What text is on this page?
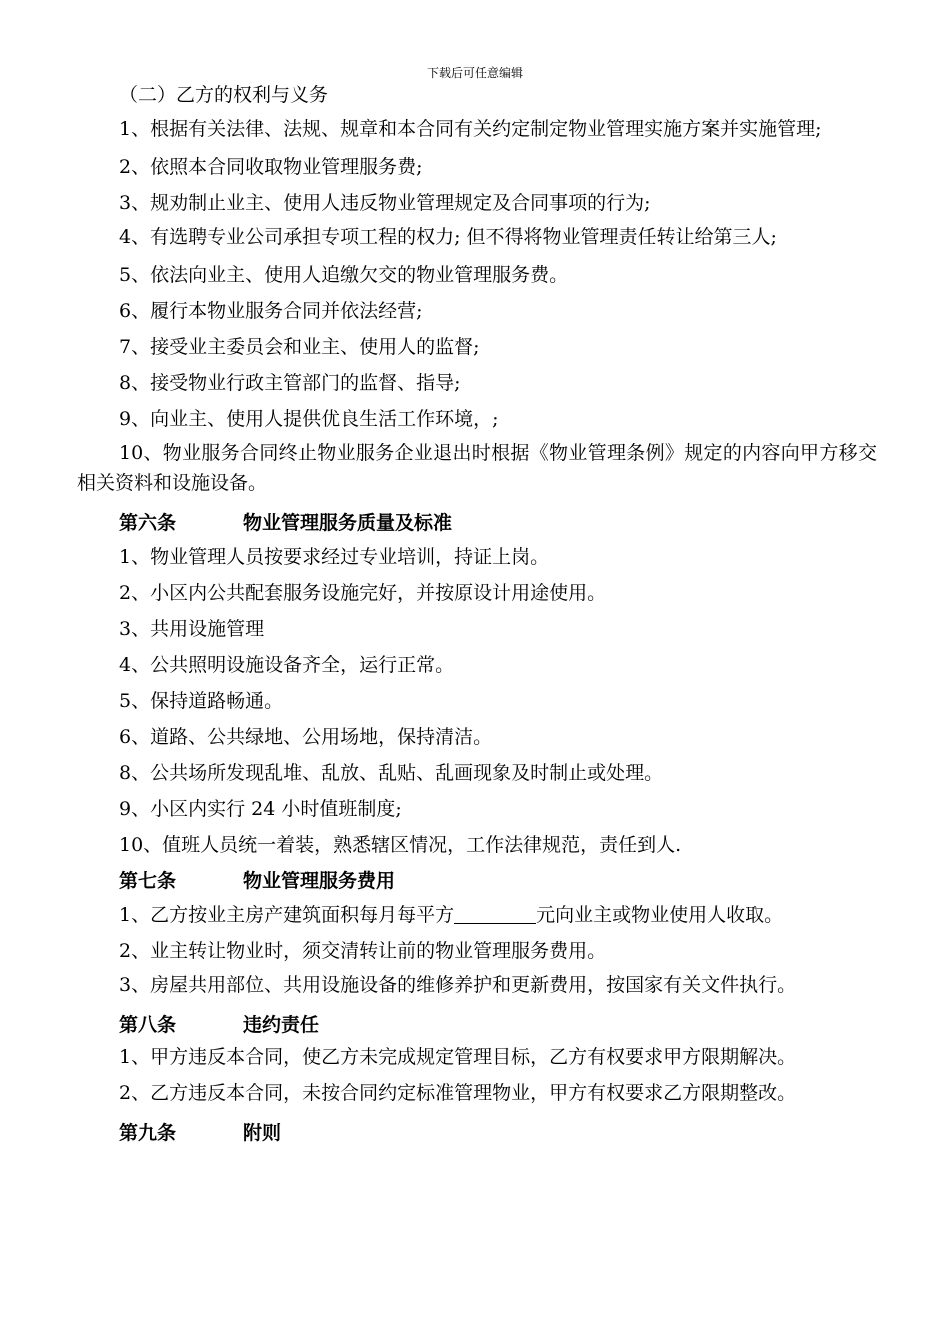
下载后可任意编辑

（二）乙方的权利与义务

1、根据有关法律、法规、规章和本合同有关约定制定物业管理实施方案并实施管理;

2、依照本合同收取物业管理服务费;

3、规劝制止业主、使用人违反物业管理规定及合同事项的行为;

4、有选聘专业公司承担专项工程的权力; 但不得将物业管理责任转让给第三人;

5、依法向业主、使用人追缴欠交的物业管理服务费。

6、履行本物业服务合同并依法经营;

7、接受业主委员会和业主、使用人的监督;

8、接受物业行政主管部门的监督、指导;

9、向业主、使用人提供优良生活工作环境，;

10、物业服务合同终止物业服务企业退出时根据《物业管理条例》规定的内容向甲方移交相关资料和设施设备。

第六条	物业管理服务质量及标准

1、物业管理人员按要求经过专业培训，持证上岗。

2、小区内公共配套服务设施完好，并按原设计用途使用。

3、共用设施管理

4、公共照明设施设备齐全，运行正常。

5、保持道路畅通。

6、道路、公共绿地、公用场地，保持清洁。

8、公共场所发现乱堆、乱放、乱贴、乱画现象及时制止或处理。

9、小区内实行 24 小时值班制度;

10、值班人员统一着装，熟悉辖区情况，工作法律规范，责任到人.

第七条	物业管理服务费用

1、乙方按业主房产建筑面积每月每平方	元向业主或物业使用人收取。

2、业主转让物业时，须交清转让前的物业管理服务费用。

3、房屋共用部位、共用设施设备的维修养护和更新费用，按国家有关文件执行。

第八条	违约责任

1、甲方违反本合同，使乙方未完成规定管理目标，乙方有权要求甲方限期解决。

2、乙方违反本合同，未按合同约定标准管理物业，甲方有权要求乙方限期整改。

第九条	附则
